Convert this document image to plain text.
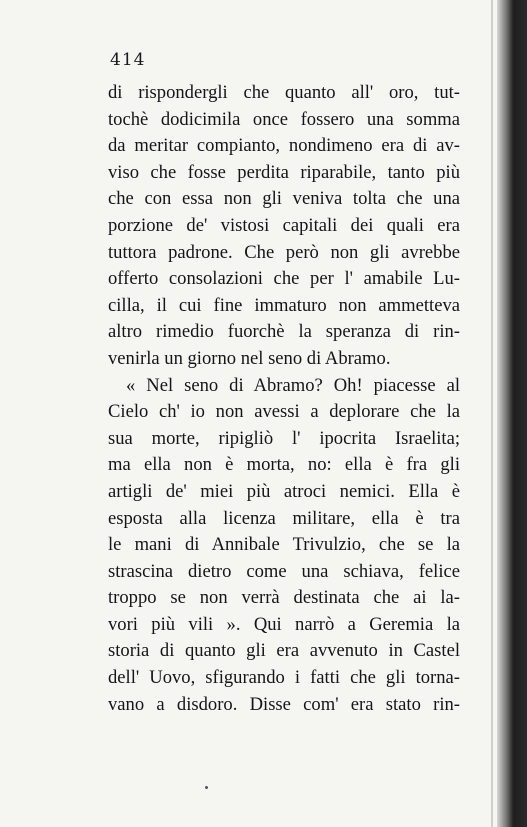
414
di rispondergli che quanto all' oro, tut-
tochè dodicimila once fossero una somma
da meritar compianto, nondimeno era di av-
viso che fosse perdita riparabile, tanto più
che con essa non gli veniva tolta che una
porzione de' vistosi capitali dei quali era
tuttora padrone. Che però non gli avrebbe
offerto consolazioni che per l' amabile Lu-
cilla, il cui fine immaturo non ammetteva
altro rimedio fuorchè la speranza di rin-
venirla un giorno nel seno di Abramo.
« Nel seno di Abramo? Oh! piacesse al
Cielo ch' io non avessi a deplorare che la
sua morte, ripigliò l' ipocrita Israelita;
ma ella non è morta, no: ella è fra gli
artigli de' miei più atroci nemici. Ella è
esposta alla licenza militare, ella è tra
le mani di Annibale Trivulzio, che se la
strascina dietro come una schiava, felice
troppo se non verrà destinata che ai la-
vori più vili ». Qui narrò a Geremia la
storia di quanto gli era avvenuto in Castel
dell' Uovo, sfigurando i fatti che gli torna-
vano a disdoro. Disse com' era stato rin-
